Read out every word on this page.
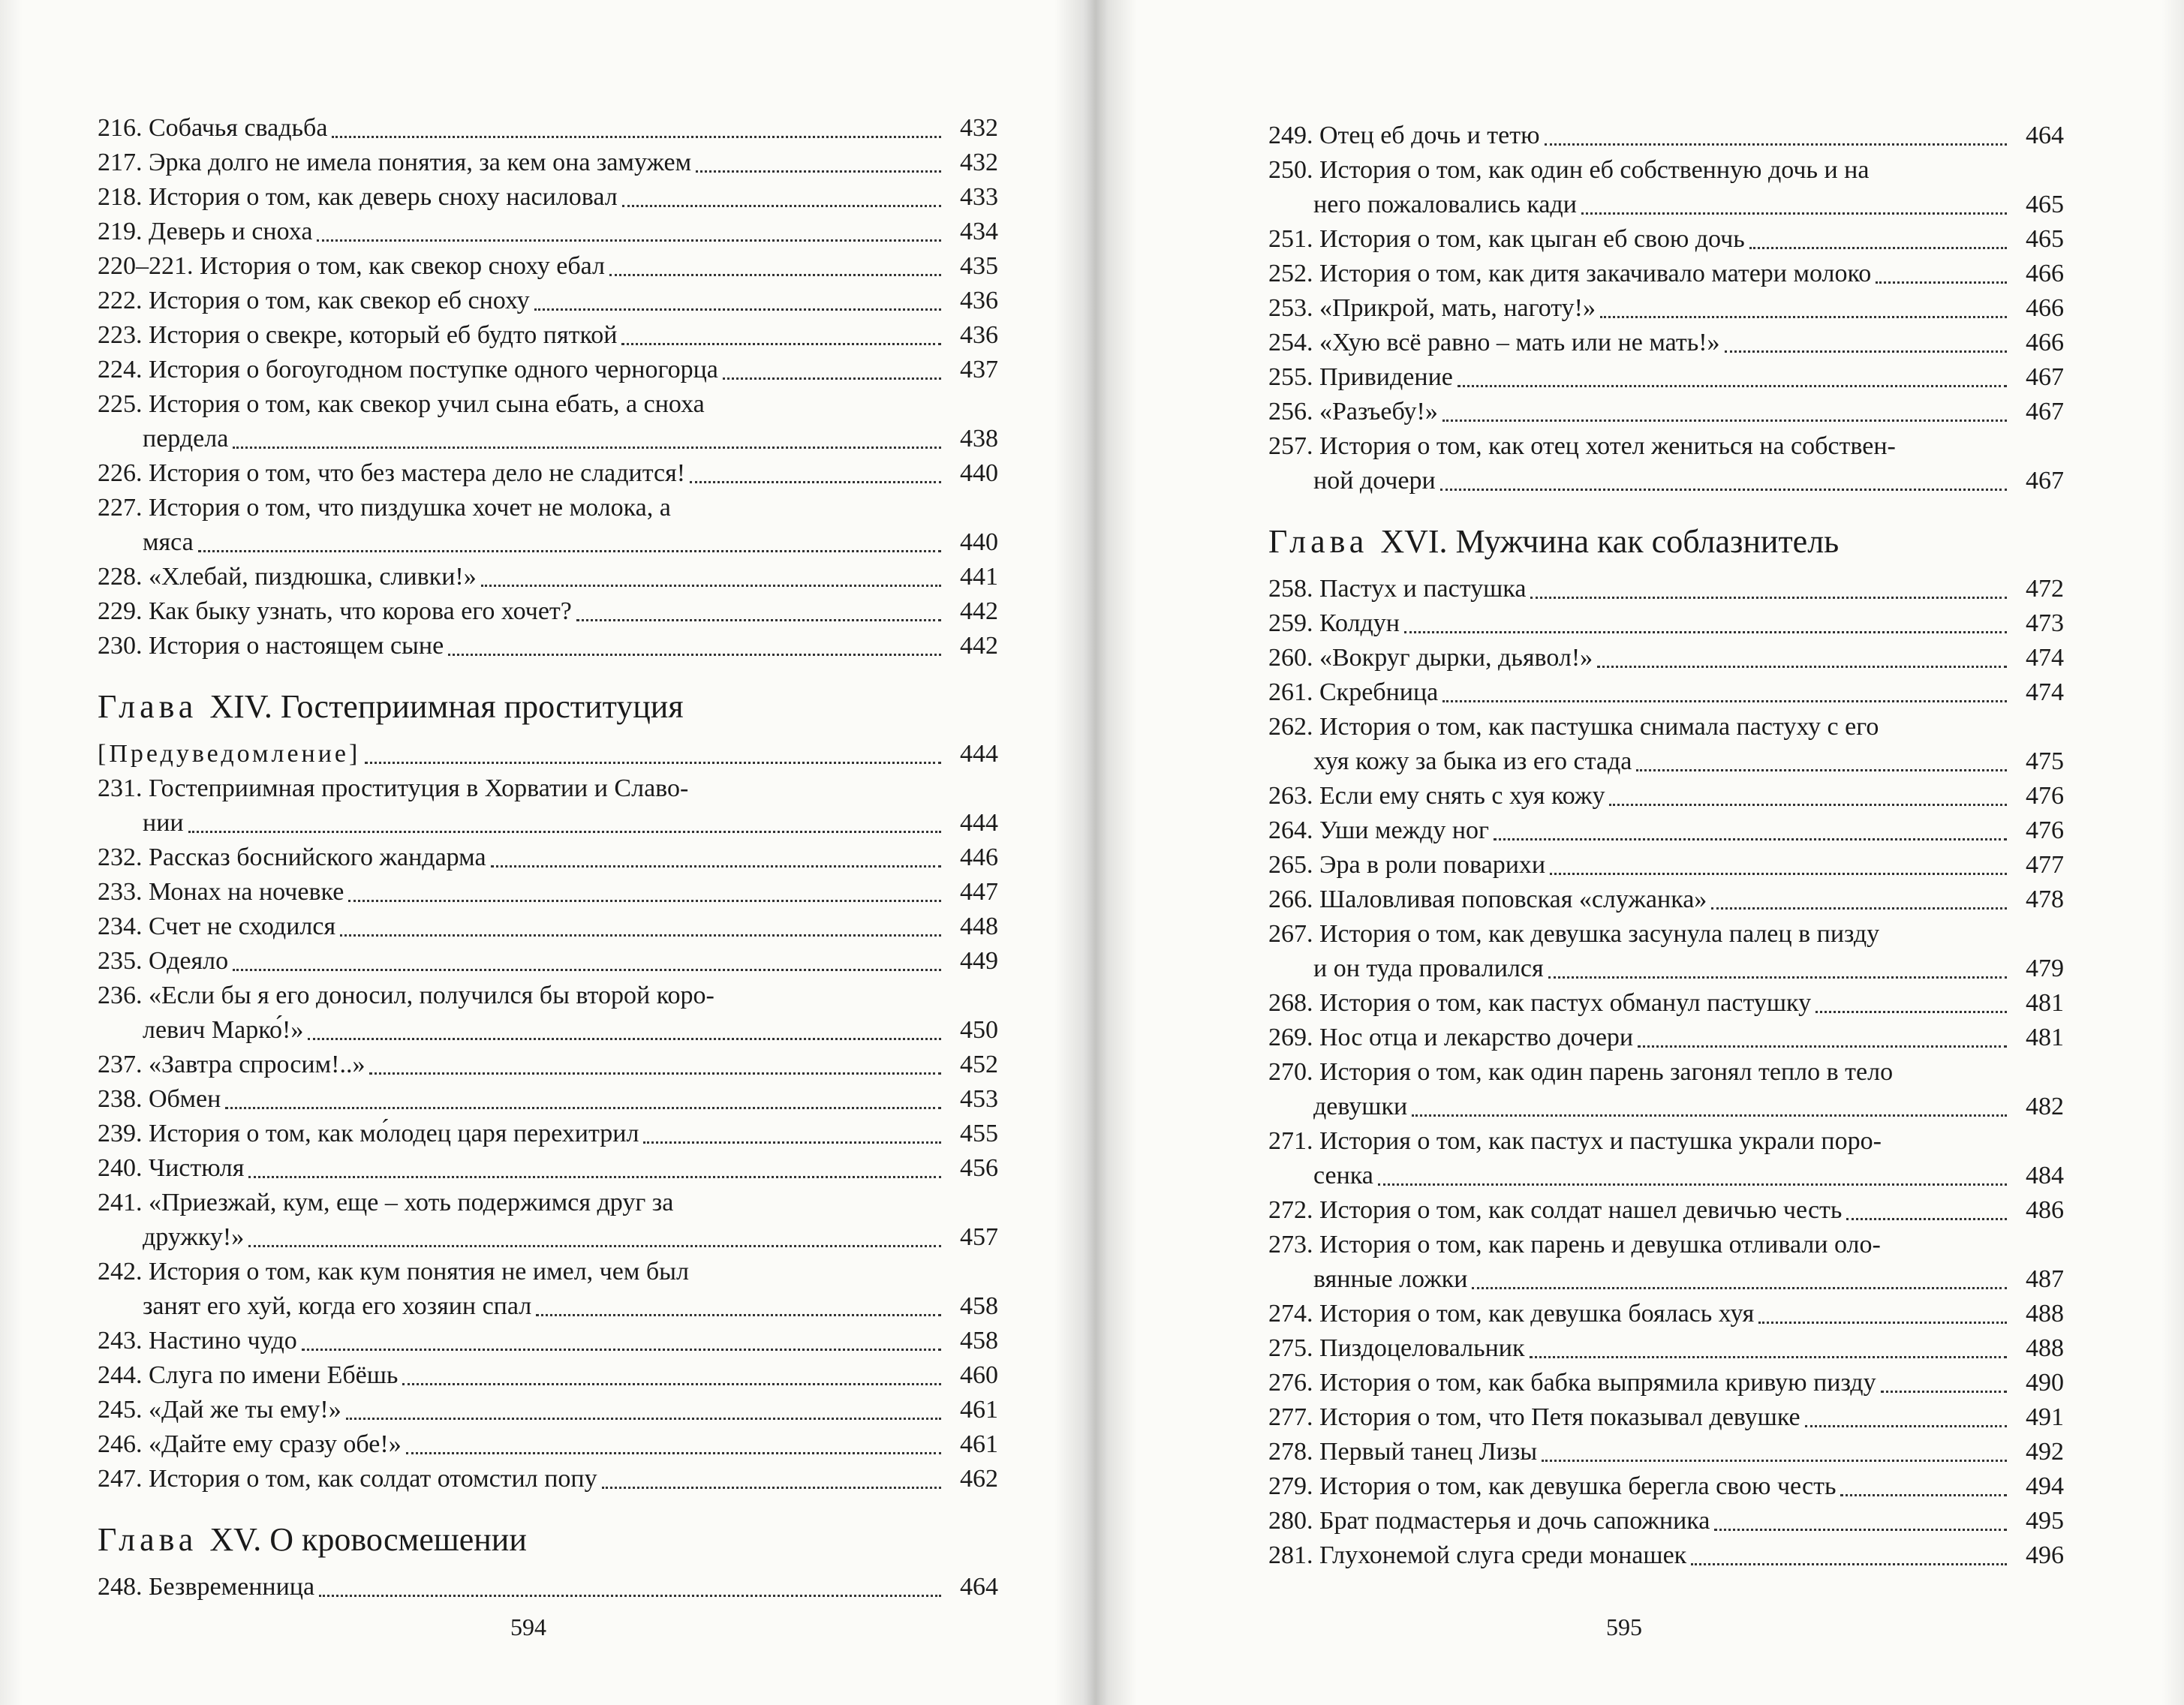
216. Собачья свадьба	432
217. Эрка долго не имела понятия, за кем она замужем	432
218. История о том, как деверь сноху насиловал	433
219. Деверь и сноха	434
220–221. История о том, как свекор сноху ебал	435
222. История о том, как свекор еб сноху	436
223. История о свекре, который еб будто пяткой	436
224. История о богоугодном поступке одного черногорца	437
225. История о том, как свекор учил сына ебать, а сноха
пердела	438
226. История о том, что без мастера дело не сладится!	440
227. История о том, что пиздушка хочет не молока, а
мяса	440
228. «Хлебай, пиздюшка, сливки!»	441
229. Как быку узнать, что корова его хочет?	442
230. История о настоящем сыне	442
Глава XIV. Гостеприимная проституция
[Предуведомление]	444
231. Гостеприимная проституция в Хорватии и Славо-
нии	444
232. Рассказ боснийского жандарма	446
233. Монах на ночевке	447
234. Счет не сходился	448
235. Одеяло	449
236. «Если бы я его доносил, получился бы второй коро-
левич Марко́!»	450
237. «Завтра спросим!..»	452
238. Обмен	453
239. История о том, как мо́лодец царя перехитрил	455
240. Чистюля	456
241. «Приезжай, кум, еще – хоть подержимся друг за
дружку!»	457
242. История о том, как кум понятия не имел, чем был
занят его хуй, когда его хозяин спал	458
243. Настино чудо	458
244. Слуга по имени Ебёшь	460
245. «Дай же ты ему!»	461
246. «Дайте ему сразу обе!»	461
247. История о том, как солдат отомстил попу	462
Глава XV. О кровосмешении
248. Безвременница	464
594
249. Отец еб дочь и тетю	464
250. История о том, как один еб собственную дочь и на
него пожаловались кади	465
251. История о том, как цыган еб свою дочь	465
252. История о том, как дитя закачивало матери молоко	466
253. «Прикрой, мать, наготу!»	466
254. «Хую всё равно – мать или не мать!»	466
255. Привидение	467
256. «Разъебу!»	467
257. История о том, как отец хотел жениться на собствен-
ной дочери	467
Глава XVI. Мужчина как соблазнитель
258. Пастух и пастушка	472
259. Колдун	473
260. «Вокруг дырки, дьявол!»	474
261. Скребница	474
262. История о том, как пастушка снимала пастуху с его
хуя кожу за быка из его стада	475
263. Если ему снять с хуя кожу	476
264. Уши между ног	476
265. Эра в роли поварихи	477
266. Шаловливая поповская «служанка»	478
267. История о том, как девушка засунула палец в пизду
и он туда провалился	479
268. История о том, как пастух обманул пастушку	481
269. Нос отца и лекарство дочери	481
270. История о том, как один парень загонял тепло в тело
девушки	482
271. История о том, как пастух и пастушка украли поро-
сенка	484
272. История о том, как солдат нашел девичью честь	486
273. История о том, как парень и девушка отливали оло-
вянные ложки	487
274. История о том, как девушка боялась хуя	488
275. Пиздоцеловальник	488
276. История о том, как бабка выпрямила кривую пизду	490
277. История о том, что Петя показывал девушке	491
278. Первый танец Лизы	492
279. История о том, как девушка берегла свою честь	494
280. Брат подмастерья и дочь сапожника	495
281. Глухонемой слуга среди монашек	496
595
